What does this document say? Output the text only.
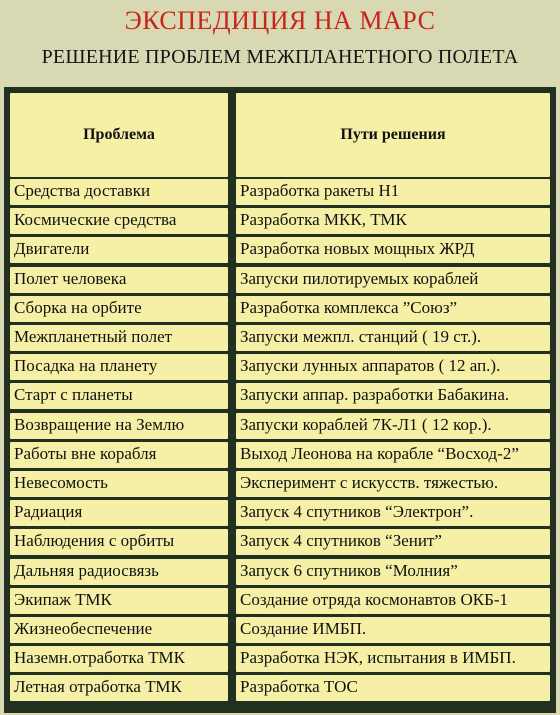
ЭКСПЕДИЦИЯ НА МАРС
РЕШЕНИЕ ПРОБЛЕМ МЕЖПЛАНЕТНОГО ПОЛЕТА
Проблема	Пути решения
Средства доставки	Разработка ракеты Н1
Космические средства	Разработка МКК, ТМК
Двигатели	Разработка новых мощных ЖРД
Полет человека	Запуски пилотируемых кораблей
Сборка на орбите	Разработка комплекса ”Союз”
Межпланетный полет	Запуски межпл. станций ( 19 ст.).
Посадка на планету	Запуски лунных аппаратов ( 12 ап.).
Старт с планеты	Запуски аппар. разработки Бабакина.
Возвращение на Землю	Запуски кораблей 7К-Л1 ( 12 кор.).
Работы вне корабля	Выход Леонова на корабле “Восход-2”
Невесомость	Эксперимент с искусств. тяжестью.
Радиация	Запуск 4 спутников “Электрон”.
Наблюдения с орбиты	Запуск 4 спутников “Зенит”
Дальняя радиосвязь	Запуск 6 спутников “Молния”
Экипаж ТМК	Создание отряда космонавтов ОКБ-1
Жизнеобеспечение	Создание ИМБП.
Наземн.отработка ТМК	Разработка НЭК, испытания в ИМБП.
Летная отработка ТМК	Разработка ТОС
